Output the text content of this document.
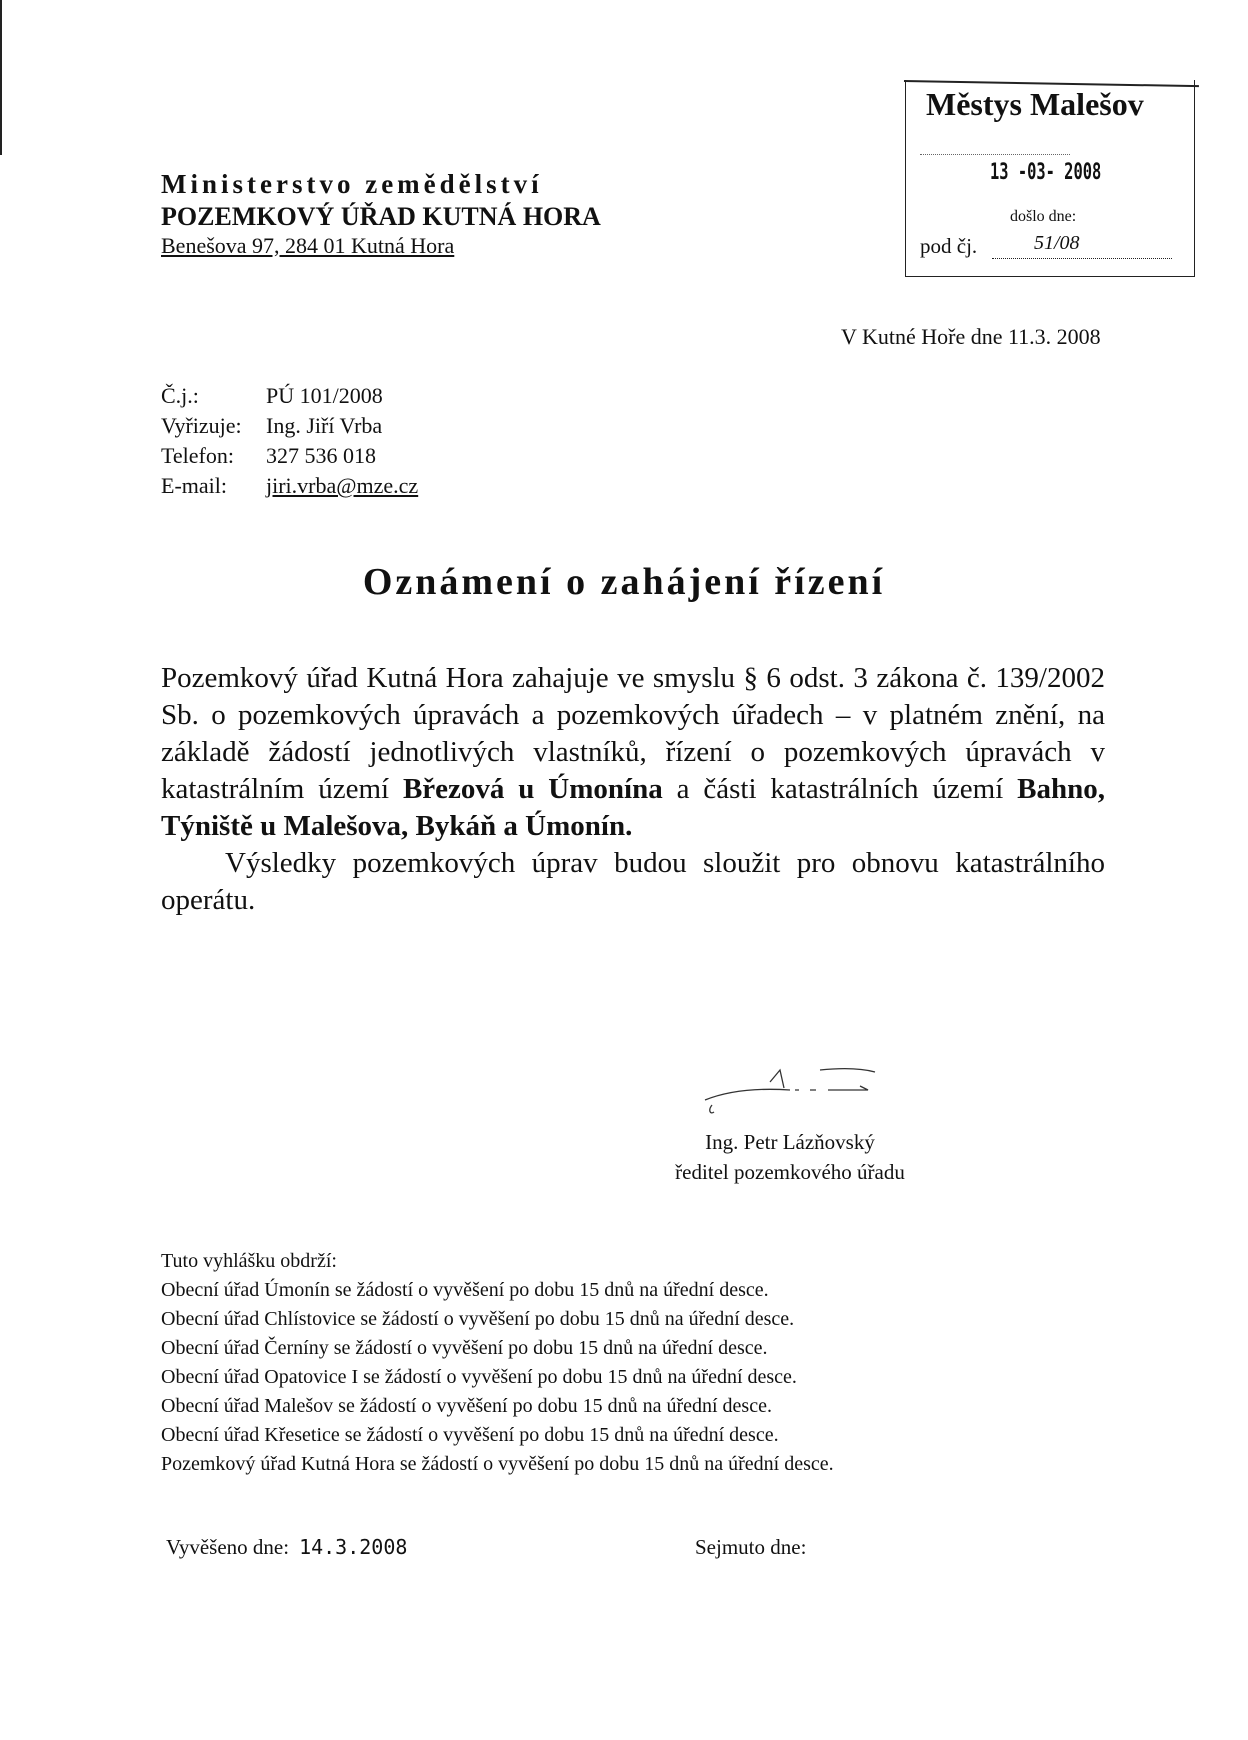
Ministerstvo zemědělství
POZEMKOVÝ ÚŘAD KUTNÁ HORA
Benešova 97, 284 01 Kutná Hora
Městys Malešov
13 -03- 2008
došlo dne:
pod čj.	51/08
V Kutné Hoře dne 11.3. 2008
Č.j.:	PÚ 101/2008
Vyřizuje:	Ing. Jiří Vrba
Telefon:	327 536 018
E-mail:	jiri.vrba@mze.cz
Oznámení o zahájení řízení

Pozemkový úřad Kutná Hora zahajuje ve smyslu § 6 odst. 3 zákona č. 139/2002 Sb. o pozemkových úpravách a pozemkových úřadech – v platném znění, na základě žádostí jednotlivých vlastníků, řízení o pozemkových úpravách v katastrálním území Březová u Úmonína a části katastrálních území Bahno, Týniště u Malešova, Bykáň a Úmonín.

Výsledky pozemkových úprav budou sloužit pro obnovu katastrálního operátu.

Ing. Petr Lázňovský
ředitel pozemkového úřadu
Tuto vyhlášku obdrží:
Obecní úřad Úmonín se žádostí o vyvěšení po dobu 15 dnů na úřední desce.
Obecní úřad Chlístovice se žádostí o vyvěšení po dobu 15 dnů na úřední desce.
Obecní úřad Černíny se žádostí o vyvěšení po dobu 15 dnů na úřední desce.
Obecní úřad Opatovice I se žádostí o vyvěšení po dobu 15 dnů na úřední desce.
Obecní úřad Malešov se žádostí o vyvěšení po dobu 15 dnů na úřední desce.
Obecní úřad Křesetice se žádostí o vyvěšení po dobu 15 dnů na úřední desce.
Pozemkový úřad Kutná Hora se žádostí o vyvěšení po dobu 15 dnů na úřední desce.
Vyvěšeno dne: 14.3.2008	Sejmuto dne:
